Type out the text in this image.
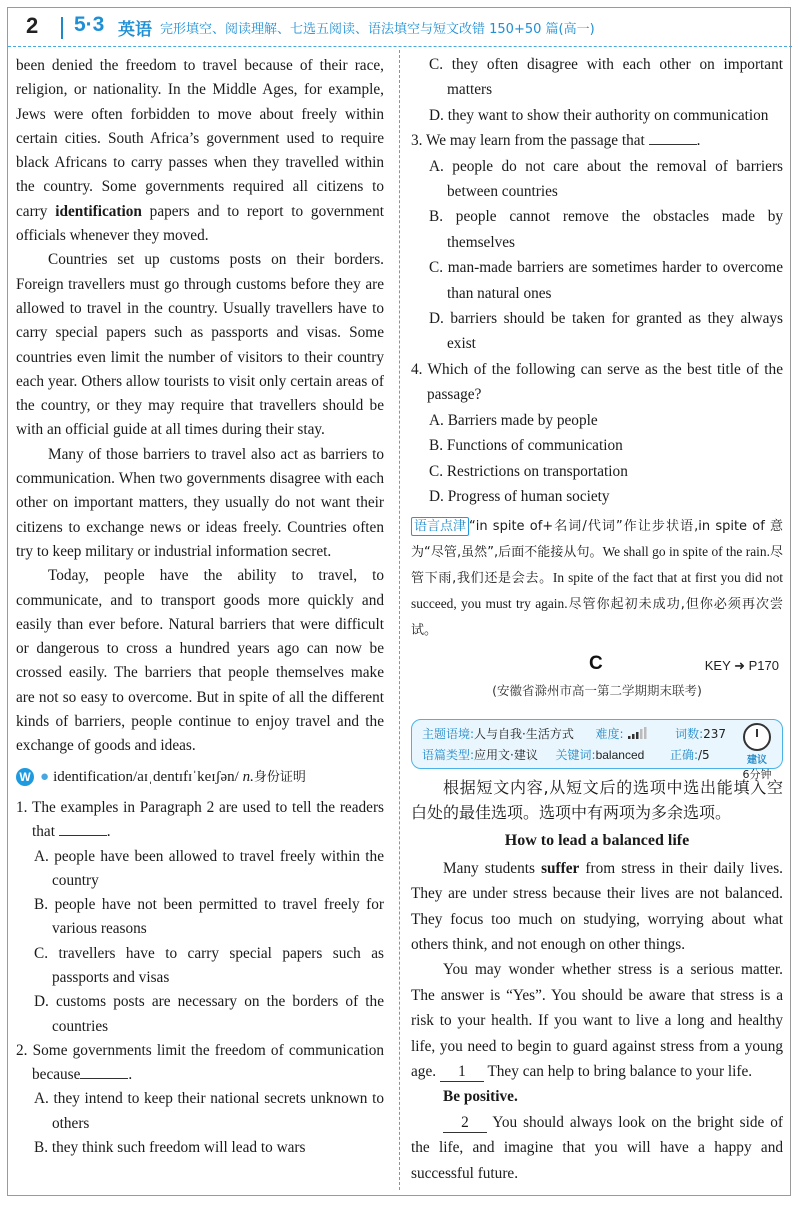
2 5·3 英语 完形填空、阅读理解、七选五阅读、语法填空与短文改错 150+50 篇(高一)

been denied the freedom to travel because of their race, religion, or nationality. In the Middle Ages, for example, Jews were often forbidden to move about freely within certain cities. South Africa’s government used to require black Africans to carry passes when they travelled within the country. Some governments required all citizens to carry identification papers and to report to government officials whenever they moved.

Countries set up customs posts on their borders. Foreign travellers must go through customs before they are allowed to travel in the country. Usually travellers have to carry special papers such as passports and visas. Some countries even limit the number of visitors to their country each year. Others allow tourists to visit only certain areas of the country, or they may require that travellers should be with an official guide at all times during their stay.

Many of those barriers to travel also act as barriers to communication. When two governments disagree with each other on important matters, they usually do not want their citizens to exchange news or ideas freely. Countries often try to keep military or industrial information secret.

Today, people have the ability to travel, to communicate, and to transport goods more quickly and easily than ever before. Natural barriers that were difficult or dangerous to cross a hundred years ago can now be crossed easily. The barriers that people themselves make are not so easy to overcome. But in spite of all the different kinds of barriers, people continue to enjoy travel and the exchange of goods and ideas.

W ● identification/aɪˌdentɪfɪˈkeɪʃən/ n.身份证明

1. The examples in Paragraph 2 are used to tell the readers that	.

A. people have been allowed to travel freely within the country

B. people have not been permitted to travel freely for various reasons

C. travellers have to carry special papers such as passports and visas

D. customs posts are necessary on the borders of the countries

2. Some governments limit the freedom of communication because	.

A. they intend to keep their national secrets unknown to others

B. they think such freedom will lead to wars

C. they often disagree with each other on important matters

D. they want to show their authority on communication

3. We may learn from the passage that	.

A. people do not care about the removal of barriers between countries

B. people cannot remove the obstacles made by themselves

C. man-made barriers are sometimes harder to overcome than natural ones

D. barriers should be taken for granted as they always exist

4. Which of the following can serve as the best title of the passage?

A. Barriers made by people

B. Functions of communication

C. Restrictions on transportation

D. Progress of human society

语言点津 “in spite of+名词/代词”作让步状语,in spite of 意为“尽管,虽然”,后面不能接从句。We shall go in spite of the rain.尽管下雨,我们还是会去。In spite of the fact that at first you did not succeed, you must try again.尽管你起初未成功,但你必须再次尝试。

C	KEY ➜ P170
(安徽省滁州市高一第二学期期末联考)
主题语境:人与自我·生活方式 难度:	词数:237
语篇类型:应用文·建议 关键词:balanced 正确:/5	建议
6分钟

根据短文内容,从短文后的选项中选出能填入空白处的最佳选项。选项中有两项为多余选项。

How to lead a balanced life

Many students suffer from stress in their daily lives. They are under stress because their lives are not balanced. They focus too much on studying, worrying about what others think, and not enough on other things.

You may wonder whether stress is a serious matter. The answer is “Yes”. You should be aware that stress is a risk to your health. If you want to live a long and healthy life, you need to begin to guard against stress from a young age. 1 They can help to bring balance to your life.

Be positive.

2 You should always look on the bright side of the life, and imagine that you will have a happy and successful future.
